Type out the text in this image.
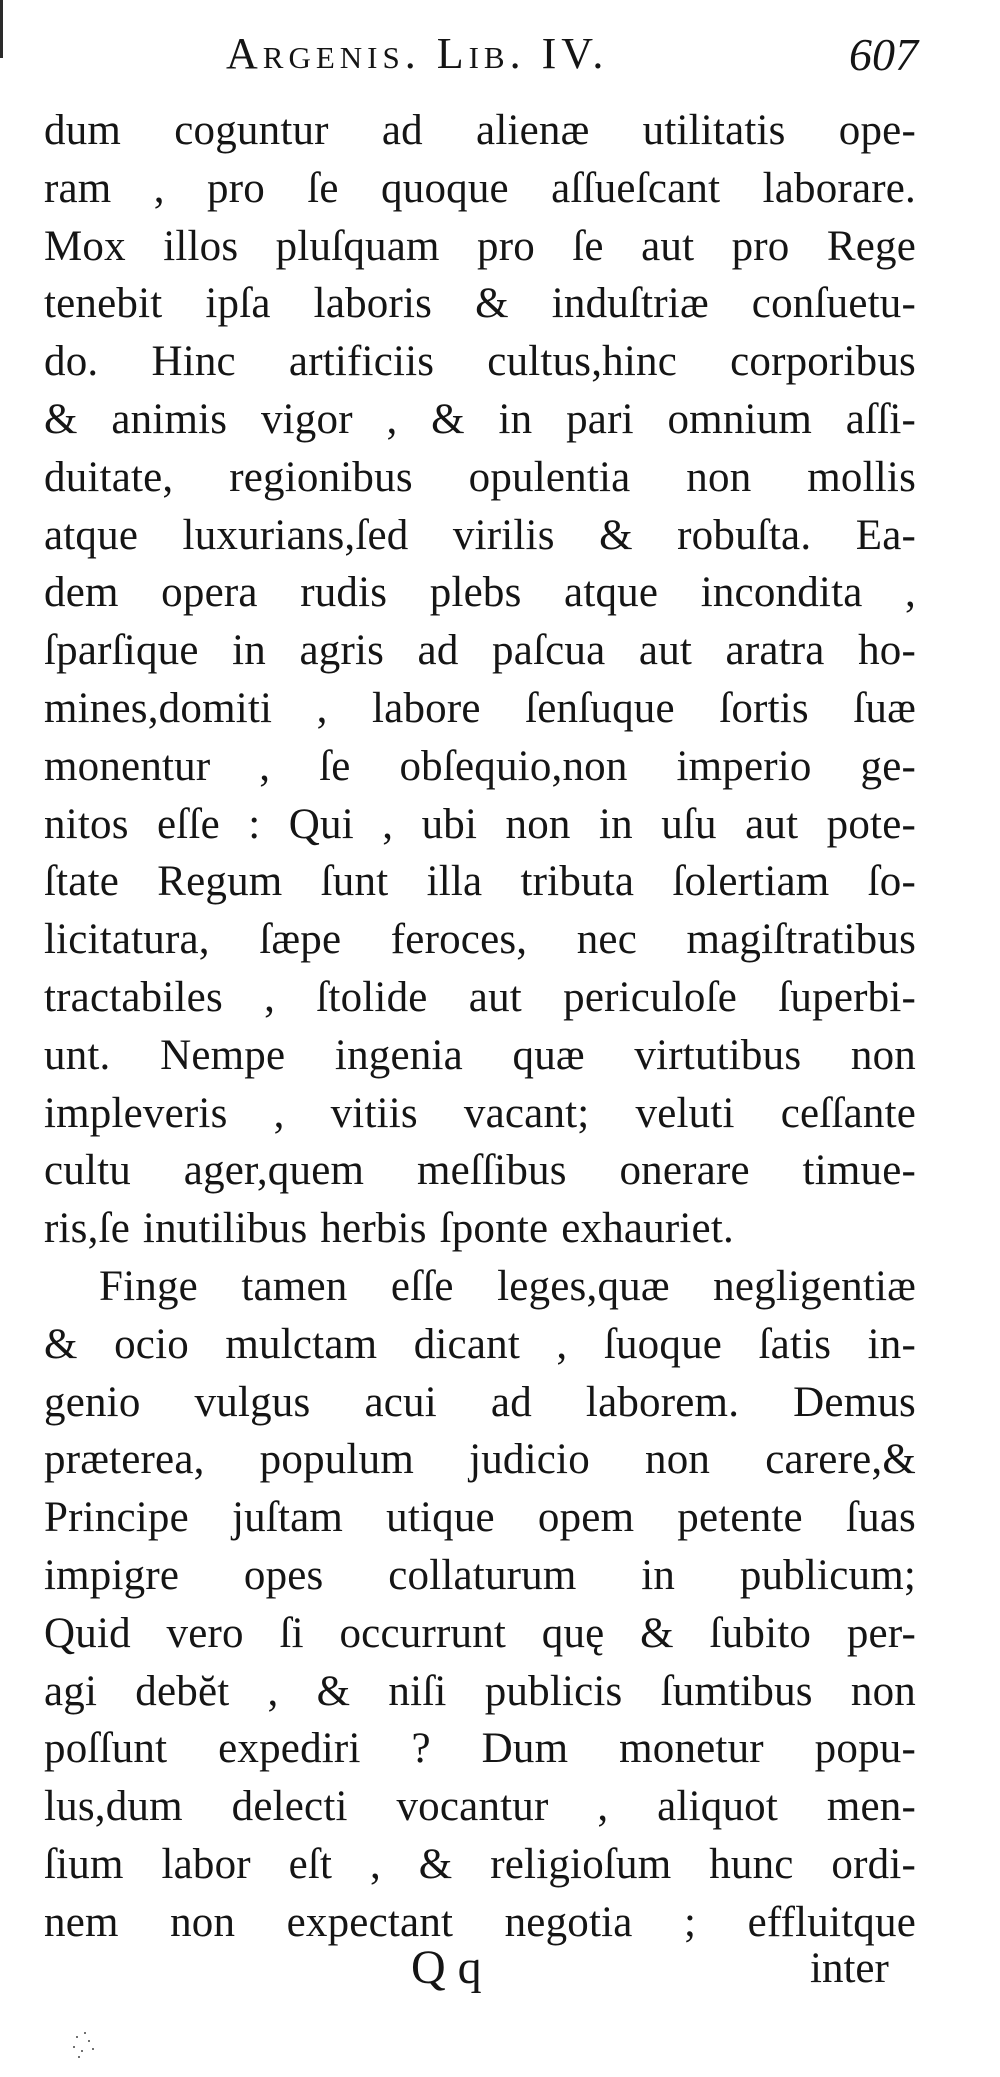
Argenis. Lib. IV.	607
dum coguntur ad alienæ utilitatis ope-
ram , pro ſe quoque aſſueſcant laborare.
Mox illos pluſquam pro ſe aut pro Rege
tenebit ipſa laboris & induſtriæ conſuetu-
do. Hinc artificiis cultus,hinc corporibus
& animis vigor , & in pari omnium aſſi-
duitate, regionibus opulentia non mollis
atque luxurians,ſed virilis & robuſta. Ea-
dem opera rudis plebs atque incondita ,
ſparſique in agris ad paſcua aut aratra ho-
mines,domiti , labore ſenſuque ſortis ſuæ
monentur , ſe obſequio,non imperio ge-
nitos eſſe : Qui , ubi non in uſu aut pote-
ſtate Regum ſunt illa tributa ſolertiam ſo-
licitatura, ſæpe feroces, nec magiſtratibus
tractabiles , ſtolide aut periculoſe ſuperbi-
unt. Nempe ingenia quæ virtutibus non
impleveris , vitiis vacant; veluti ceſſante
cultu ager,quem meſſibus onerare timue-
ris,ſe inutilibus herbis ſponte exhauriet.
Finge tamen eſſe leges,quæ negligentiæ
& ocio mulctam dicant , ſuoque ſatis in-
genio vulgus acui ad laborem. Demus
præterea, populum judicio non carere,&
Principe juſtam utique opem petente ſuas
impigre opes collaturum in publicum;
Quid vero ſi occurrunt quę & ſubito per-
agi debĕt , & niſi publicis ſumtibus non
poſſunt expediri ? Dum monetur popu-
lus,dum delecti vocantur , aliquot men-
ſium labor eſt , & religioſum hunc ordi-
nem non expectant negotia ; effluitque
Q q	inter
